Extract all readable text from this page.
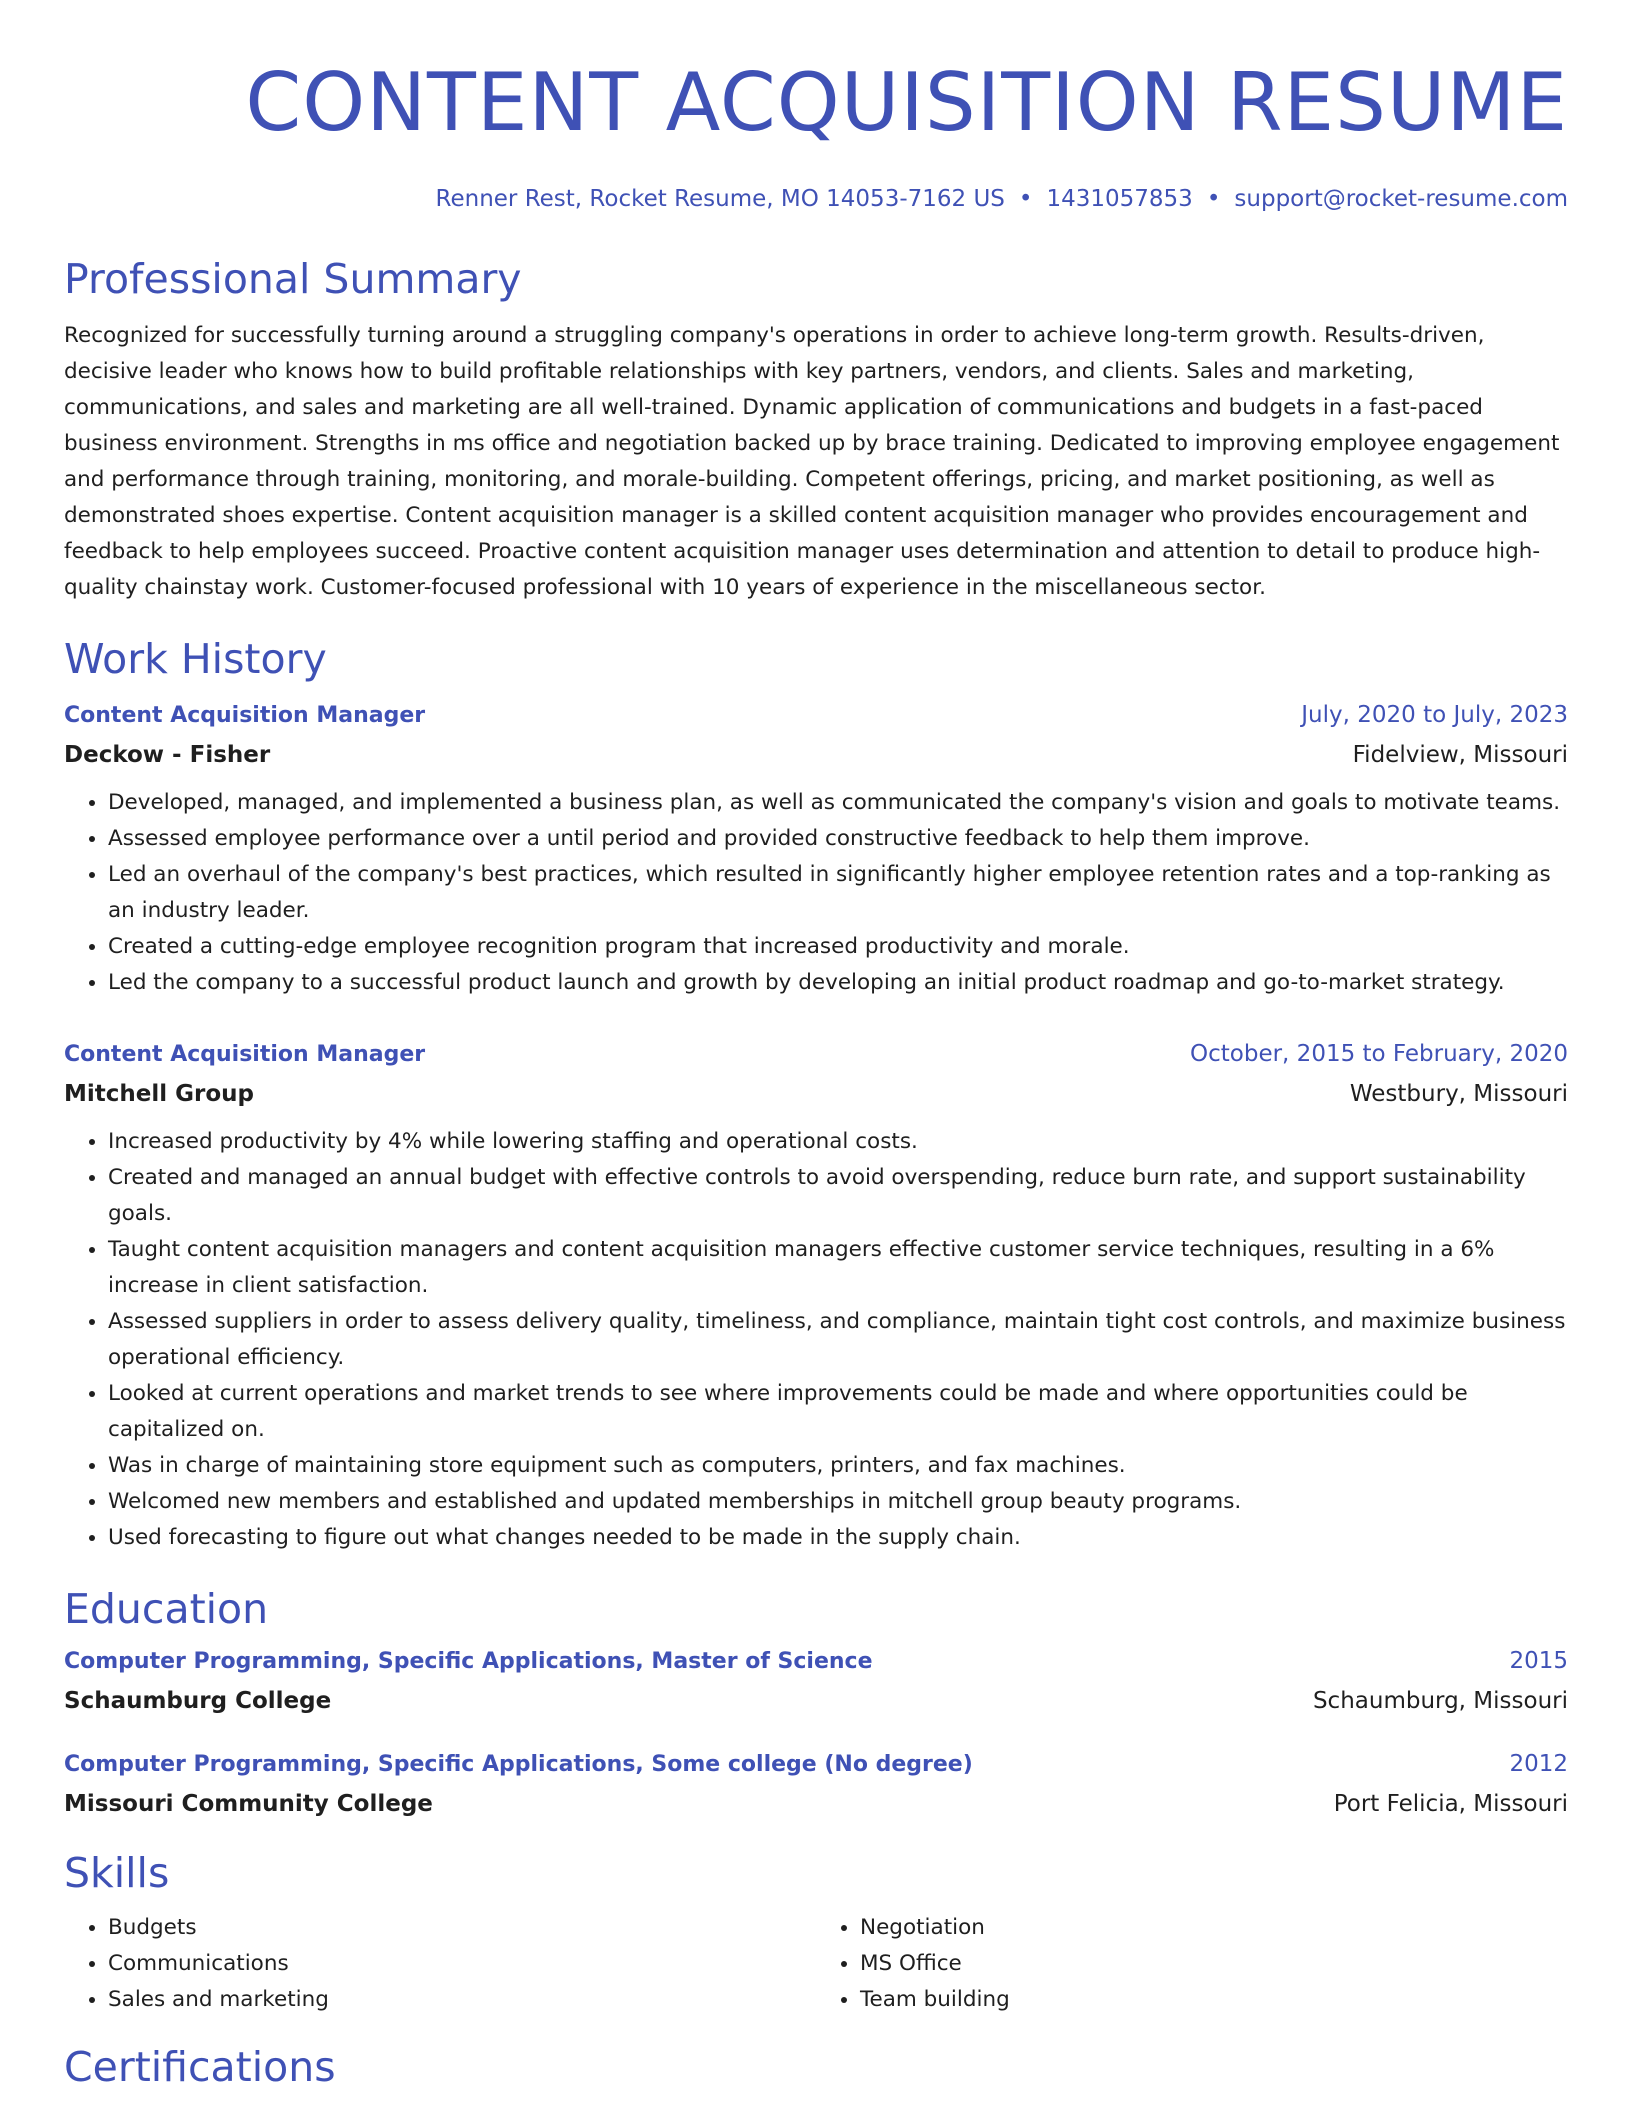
CONTENT ACQUISITION RESUME
Renner Rest, Rocket Resume, MO 14053-7162 US • 1431057853 • support@rocket-resume.com
Professional Summary

Recognized for successfully turning around a struggling company's operations in order to achieve long-term growth. Results-driven, decisive leader who knows how to build profitable relationships with key partners, vendors, and clients. Sales and marketing, communications, and sales and marketing are all well-trained. Dynamic application of communications and budgets in a fast-paced business environment. Strengths in ms office and negotiation backed up by brace training. Dedicated to improving employee engagement and performance through training, monitoring, and morale-building. Competent offerings, pricing, and market positioning, as well as demonstrated shoes expertise. Content acquisition manager is a skilled content acquisition manager who provides encouragement and feedback to help employees succeed. Proactive content acquisition manager uses determination and attention to detail to produce high-quality chainstay work. Customer-focused professional with 10 years of experience in the miscellaneous sector.

Work History
Content Acquisition Manager	July, 2020 to July, 2023
Deckow - Fisher	Fidelview, Missouri
• Developed, managed, and implemented a business plan, as well as communicated the company's vision and goals to motivate teams.
• Assessed employee performance over a until period and provided constructive feedback to help them improve.
• Led an overhaul of the company's best practices, which resulted in significantly higher employee retention rates and a top-ranking as an industry leader.
• Created a cutting-edge employee recognition program that increased productivity and morale.
• Led the company to a successful product launch and growth by developing an initial product roadmap and go-to-market strategy.
Content Acquisition Manager	October, 2015 to February, 2020
Mitchell Group	Westbury, Missouri
• Increased productivity by 4% while lowering staffing and operational costs.
• Created and managed an annual budget with effective controls to avoid overspending, reduce burn rate, and support sustainability goals.
• Taught content acquisition managers and content acquisition managers effective customer service techniques, resulting in a 6% increase in client satisfaction.
• Assessed suppliers in order to assess delivery quality, timeliness, and compliance, maintain tight cost controls, and maximize business operational efficiency.
• Looked at current operations and market trends to see where improvements could be made and where opportunities could be capitalized on.
• Was in charge of maintaining store equipment such as computers, printers, and fax machines.
• Welcomed new members and established and updated memberships in mitchell group beauty programs.
• Used forecasting to figure out what changes needed to be made in the supply chain.
Education
Computer Programming, Specific Applications, Master of Science	2015
Schaumburg College	Schaumburg, Missouri
Computer Programming, Specific Applications, Some college (No degree)	2012
Missouri Community College	Port Felicia, Missouri
Skills
• Budgets
• Communications
• Sales and marketing
• Negotiation
• MS Office
• Team building
Certifications
